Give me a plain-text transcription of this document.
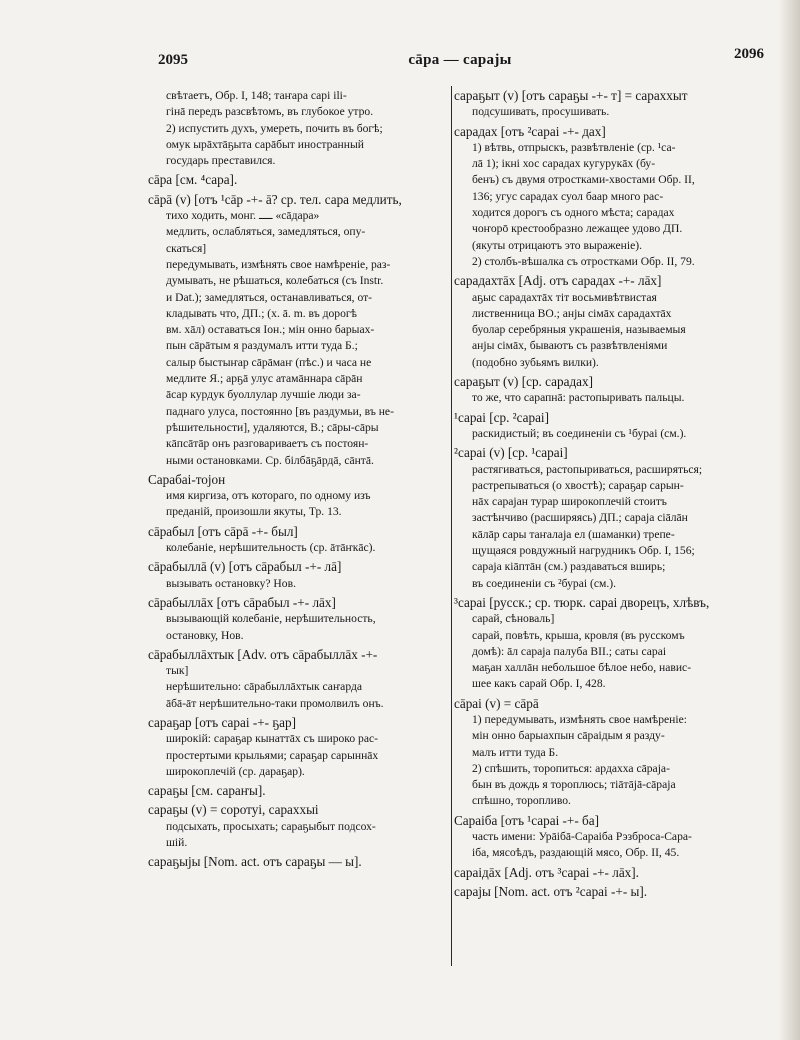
2095	сāра — сараjы	2096
свѣтаетъ, Обр. I, 148; таҥара сарі іlі-
гінā передъ разсвѣтомъ, въ глубокое утро.
2) испустить духъ, умереть, почить въ богѣ;
омук ырāхтāҕыта сарāбыт иностранный
государь преставился.
сāра [см. ⁴сара].
сāрā (v) [отъ ¹сāр -+- ā? ср. тел. сара медлить,
тихо ходить, монг. ــــ «сāдара»
медлить, ослабляться, замедляться, опу-
скаться]
передумывать, измѣнять свое намѣреніе, раз-
думывать, не рѣшаться, колебаться (съ Instr.
и Dat.); замедляться, останавливаться, от-
кладывать что, ДП.; (x. ā. m. въ дорогѣ
вм. хāл) оставаться Іон.; мін онно барыах-
пын сāрāтым я раздумалъ итти туда Б.;
салыр быстыҥар сāрāмаҥ (пѣс.) и часа не
медлите Я.; арҕā улус атамāннара сāрāн
āсар курдук буоллулар лучшіе люди за-
паднаго улуса, постоянно [въ раздумьи, въ не-
рѣшительности], удаляются, В.; сāры-сāры
кāпсāтāр онъ разговариваетъ съ постоян-
ными остановками. Ср. бiлбāҕāрдā, сāнтā.
Сарабаі-тоjон
имя киргиза, отъ котораго, по одному изъ
преданій, произошли якуты, Тр. 13.
сāрабыл [отъ сāрā -+- был]
колебаніе, нерѣшительность (ср. āтāҥкāс).
сāрабыллā (v) [отъ сāрабыл -+- лā]
вызывать остановку? Нов.
сāрабыллāх [отъ сāрабыл -+- лāх]
вызывающій колебаніе, нерѣшительность,
остановку, Нов.
сāрабыллāхтык [Adv. отъ сāрабыллāх -+-
тык]
нерѣшительно: сāрабыллāхтык саҥарда
āбā-āт нерѣшительно-таки промолвилъ онъ.
сараҕар [отъ сараі -+- ҕар]
широкій: сараҕар кынаттāх съ широко рас-
простертыми крыльями; сараҕар сарыннāх
широкоплечій (ср. дараҕар).
сараҕы [см. сараҥы].
сараҕы (v) = соротуі, сараххыі
подсыхать, просыхать; сараҕыбыт подсох-
шій.
сараҕыjы [Nom. act. отъ сараҕы — ы].
сараҕыт (v) [отъ сараҕы -+- т] = сараххыт
подсушивать, просушивать.
сарадах [отъ ²сараі -+- дах]
1) вѣтвь, отпрыскъ, развѣтвленіе (ср. ¹са-
лā 1); ікнi хос сарадах кугурукāх (бу-
бенъ) съ двумя отростками-хвостами Обр. II,
136; угус сарадах суол баар много рас-
ходится дорогъ съ одного мѣста; сарадах
чоҥорō крестообразно лежащее удово ДП.
(якуты отрицаютъ это выраженіе).
2) столбъ-вѣшалка съ отростками Обр. II, 79.
сарадахтāх [Adj. отъ сарадах -+- лāх]
аҕыс сарадахтāх тiт восьмивѣтвистая
лиственница ВО.; анjы сiмāх сарадахтāх
буолар серебряныя украшенія, называемыя
анjы сiмāх, бываютъ съ развѣтвленіями
(подобно зубьямъ вилки).
сараҕыт (v) [ср. сарадах]
то же, что сарапнā: растопыривать пальцы.
¹сараі [ср. ²сараі]
раскидистый; въ соединеніи съ ¹бураі (см.).
²сараі (v) [ср. ¹сараі]
растягиваться, растопыриваться, расширяться;
растрепываться (о хвостѣ); сараҕар сарын-
нāх сараjан турар широкоплечій стоитъ
застѣнчиво (расширяясь) ДП.; сараjа сiāлāн
кāлāр сары таҥалаjа ел (шаманки) трепе-
щущаяся ровдужный нагрудникъ Обр. I, 156;
сараjа кiāптāн (см.) раздаваться вширь;
въ соединеніи съ ²бураі (см.).
³сараі [русск.; ср. тюрк. сараі дворецъ, хлѣвъ,
сарай, сѣноваль]
сарай, повѣть, крыша, кровля (въ русскомъ
домѣ): āл сараjа палуба ВII.; сатьı сараі
маҕан халлāн небольшое бѣлое небо, навис-
шее какъ сарай Обр. I, 428.
сāраі (v) = сāрā
1) передумывать, измѣнять свое намѣреніе:
мін онно барыахпын сāраідым я разду-
малъ итти туда Б.
2) спѣшить, торопиться: ардахха сāраjа-
бын въ дождь я тороплюсь; тiāтājā-сāраjа
спѣшно, торопливо.
Сараіба [отъ ¹сараі -+- ба]
часть имени: Урāібā-Сараіба Рэзброса-Сара-
іба, мясоѣдъ, раздающій мясо, Обр. II, 45.
сараідāх [Adj. отъ ³сараі -+- лāх].
сараjы [Nom. act. отъ ²сараі -+- ы].
